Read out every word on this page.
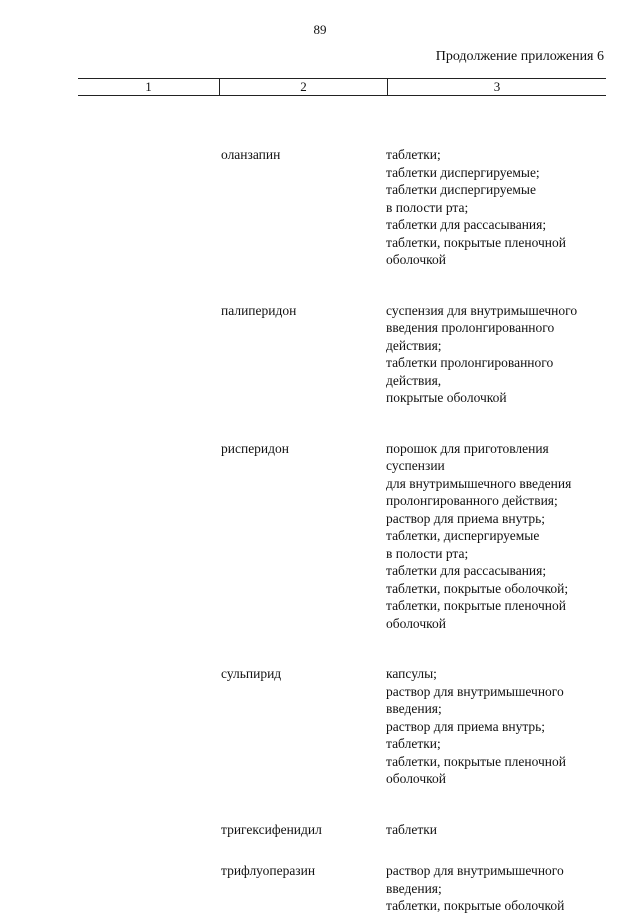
89
Продолжение приложения 6
1	2	3
оланзапин	таблетки;
таблетки диспергируемые;
таблетки диспергируемые
в полости рта;
таблетки для рассасывания;
таблетки, покрытые пленочной
оболочкой
палиперидон	суспензия для внутримышечного
введения пролонгированного
действия;
таблетки пролонгированного
действия,
покрытые оболочкой
рисперидон	порошок для приготовления
суспензии
для внутримышечного введения
пролонгированного действия;
раствор для приема внутрь;
таблетки, диспергируемые
в полости рта;
таблетки для рассасывания;
таблетки, покрытые оболочкой;
таблетки, покрытые пленочной
оболочкой
сульпирид	капсулы;
раствор для внутримышечного
введения;
раствор для приема внутрь;
таблетки;
таблетки, покрытые пленочной
оболочкой
тригексифенидил	таблетки
трифлуоперазин	раствор для внутримышечного
введения;
таблетки, покрытые оболочкой
